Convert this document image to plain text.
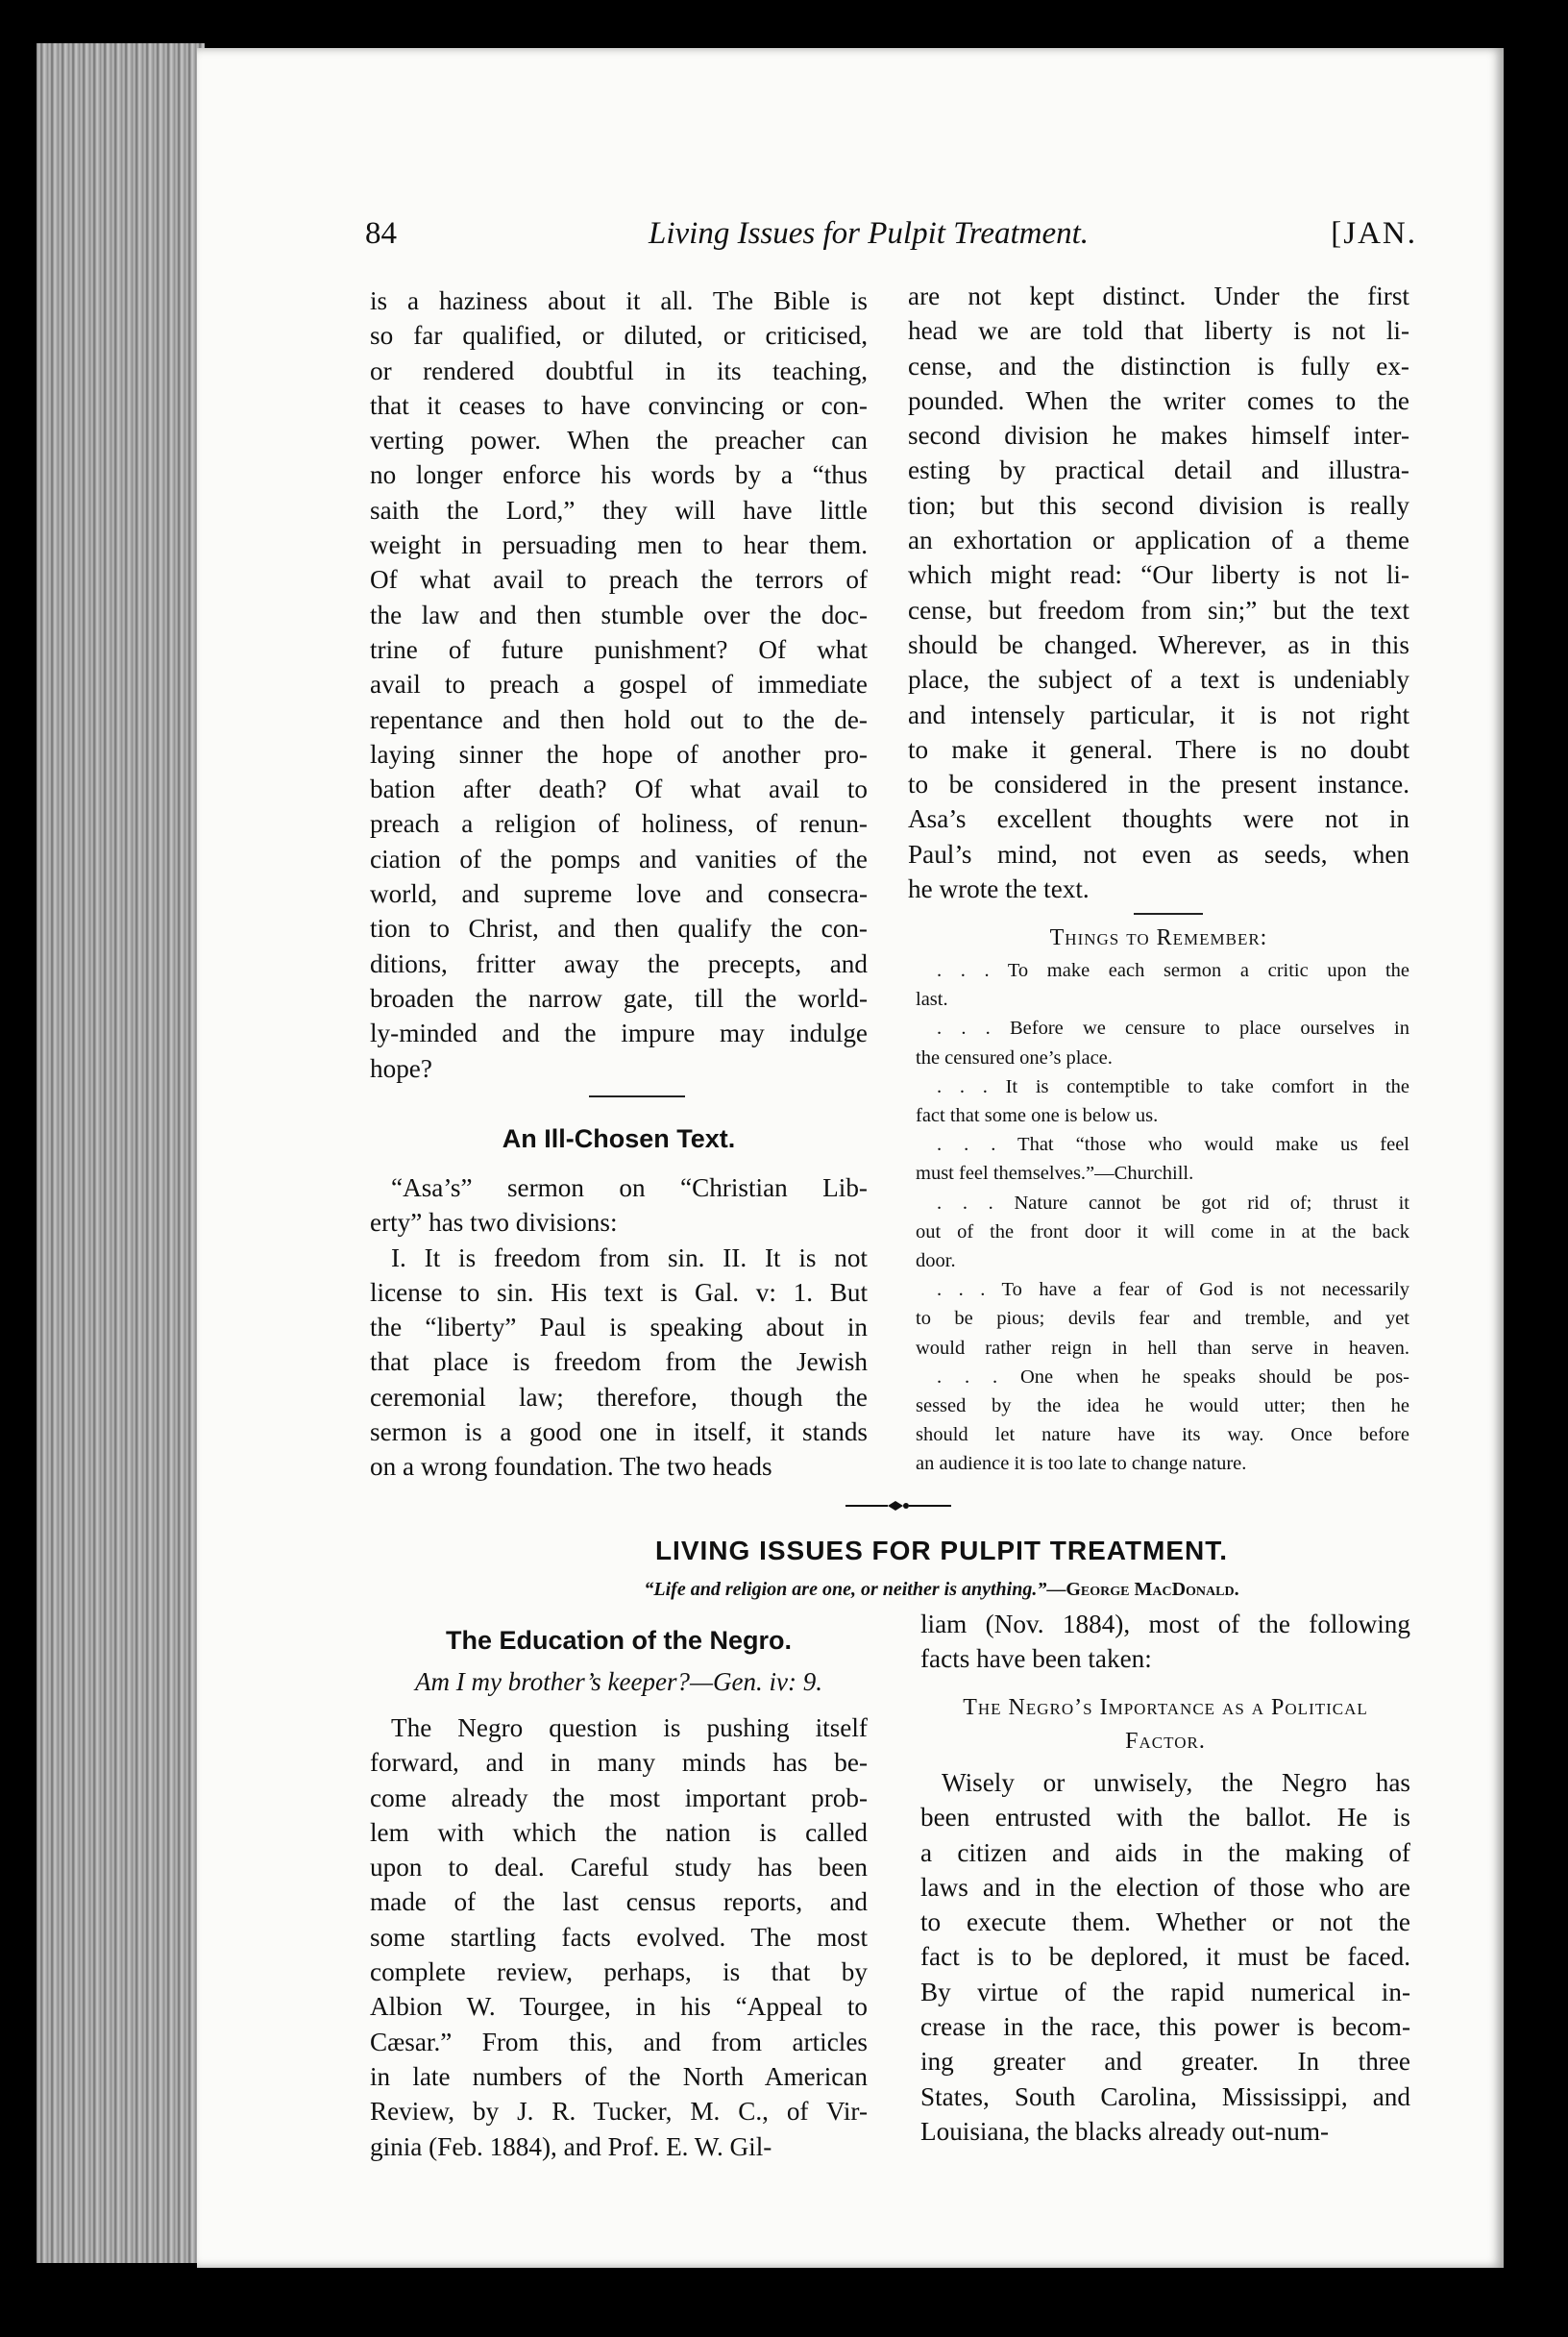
84	Living Issues for Pulpit Treatment.	[JAN.
is a haziness about it all. The Bible is
so far qualified, or diluted, or criticised,
or rendered doubtful in its teaching,
that it ceases to have convincing or con-
verting power. When the preacher can
no longer enforce his words by a “thus
saith the Lord,” they will have little
weight in persuading men to hear them.
Of what avail to preach the terrors of
the law and then stumble over the doc-
trine of future punishment? Of what
avail to preach a gospel of immediate
repentance and then hold out to the de-
laying sinner the hope of another pro-
bation after death? Of what avail to
preach a religion of holiness, of renun-
ciation of the pomps and vanities of the
world, and supreme love and consecra-
tion to Christ, and then qualify the con-
ditions, fritter away the precepts, and
broaden the narrow gate, till the world-
ly-minded and the impure may indulge
hope?
An Ill-Chosen Text.
“Asa’s” sermon on “Christian Lib-
erty” has two divisions:
I. It is freedom from sin. II. It is not
license to sin. His text is Gal. v: 1. But
the “liberty” Paul is speaking about in
that place is freedom from the Jewish
ceremonial law; therefore, though the
sermon is a good one in itself, it stands
on a wrong foundation. The two heads
are not kept distinct. Under the first
head we are told that liberty is not li-
cense, and the distinction is fully ex-
pounded. When the writer comes to the
second division he makes himself inter-
esting by practical detail and illustra-
tion; but this second division is really
an exhortation or application of a theme
which might read: “Our liberty is not li-
cense, but freedom from sin;” but the text
should be changed. Wherever, as in this
place, the subject of a text is undeniably
and intensely particular, it is not right
to make it general. There is no doubt
to be considered in the present instance.
Asa’s excellent thoughts were not in
Paul’s mind, not even as seeds, when
he wrote the text.
Things to Remember:
. . . To make each sermon a critic upon the
last.
. . . Before we censure to place ourselves in
the censured one’s place.
. . . It is contemptible to take comfort in the
fact that some one is below us.
. . . That “those who would make us feel
must feel themselves.”—Churchill.
. . . Nature cannot be got rid of; thrust it
out of the front door it will come in at the back
door.
. . . To have a fear of God is not necessarily
to be pious; devils fear and tremble, and yet
would rather reign in hell than serve in heaven.
. . . One when he speaks should be pos-
sessed by the idea he would utter; then he
should let nature have its way. Once before
an audience it is too late to change nature.
LIVING ISSUES FOR PULPIT TREATMENT.
“Life and religion are one, or neither is anything.”—George MacDonald.
The Education of the Negro.
Am I my brother’s keeper?—Gen. iv: 9.
The Negro question is pushing itself
forward, and in many minds has be-
come already the most important prob-
lem with which the nation is called
upon to deal. Careful study has been
made of the last census reports, and
some startling facts evolved. The most
complete review, perhaps, is that by
Albion W. Tourgee, in his “Appeal to
Cæsar.” From this, and from articles
in late numbers of the North American
Review, by J. R. Tucker, M. C., of Vir-
ginia (Feb. 1884), and Prof. E. W. Gil-
liam (Nov. 1884), most of the following
facts have been taken:
The Negro’s Importance as a Political
Factor.
Wisely or unwisely, the Negro has
been entrusted with the ballot. He is
a citizen and aids in the making of
laws and in the election of those who are
to execute them. Whether or not the
fact is to be deplored, it must be faced.
By virtue of the rapid numerical in-
crease in the race, this power is becom-
ing greater and greater. In three
States, South Carolina, Mississippi, and
Louisiana, the blacks already out-num-
